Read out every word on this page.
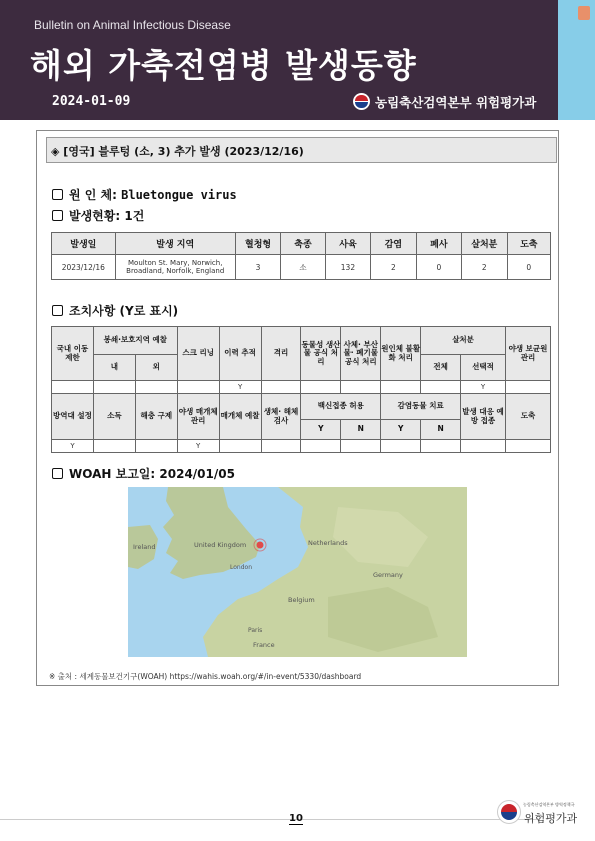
Bulletin on Animal Infectious Disease
해외 가축전염병 발생동향
2024-01-09	농림축산검역본부 위험평가과
◈ [영국] 블루텅 (소, 3) 추가 발생 (2023/12/16)
원 인 체: Bluetongue virus
발생현황: 1건
발생일	발생 지역	혈청형	축종	사육	감염	폐사	살처분	도축
2023/12/16	Moulton St. Mary, Norwich, Broadland, Norfolk, England	3	소	132	2	0	2	0
조치사항 (Y로 표시)
국내 이동 제한	봉쇄·보호지역 예찰		스크 리닝	이력 추적	격리	동물성 생산물 공식 처리	사체· 부산물· 폐기물 공식 처리	원인체 불활화 처리	살처분		야생 보균원 관리
	내	외							전체	선택적	
				Y						Y	
방역대 설정	소독	해충 구제	야생 매개체 관리	매개체 예찰	생체· 해체 검사	백신접종 허용		감염동물 치료		발생 대응 예방 접종	도축
						Y	N	Y	N		
Y			Y								
WOAH 보고일: 2024/01/05
United Kingdom
Ireland	Netherlands
Belgium
Germany
France
London
Paris
※ 출처 : 세계동물보건기구(WOAH) https://wahis.woah.org/#/in-event/5330/dashboard
10
농림축산검역본부 방역정책국
위험평가과
